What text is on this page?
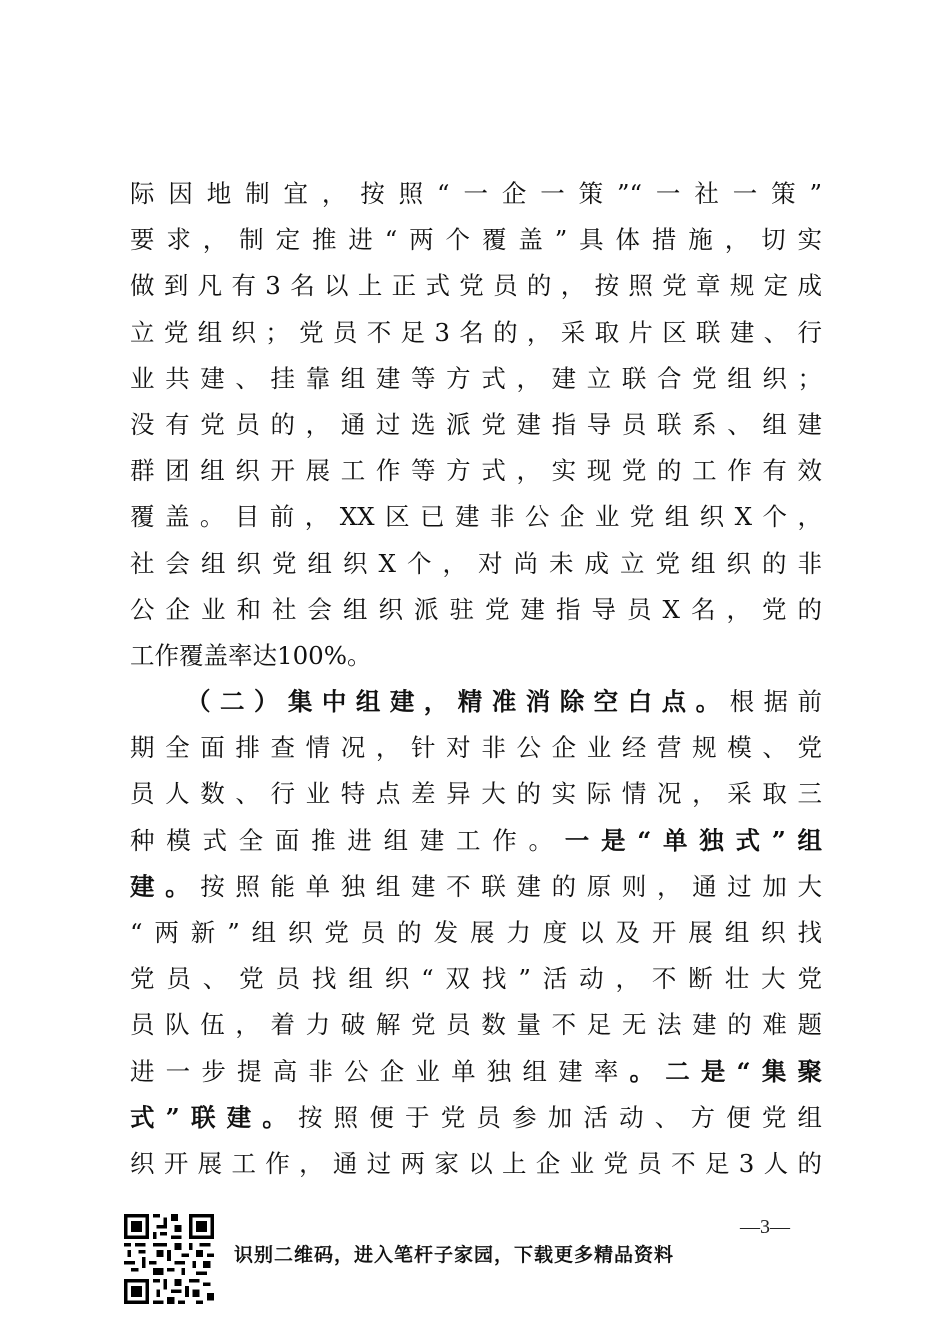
际因地制宜，按照“一企一策”“一社一策”
要求，制定推进“两个覆盖”具体措施，切实
做到凡有3名以上正式党员的，按照党章规定成
立党组织；党员不足3名的，采取片区联建、行
业共建、挂靠组建等方式，建立联合党组织；
没有党员的，通过选派党建指导员联系、组建
群团组织开展工作等方式，实现党的工作有效
覆盖。目前，XX区已建非公企业党组织X个，
社会组织党组织X个，对尚未成立党组织的非
公企业和社会组织派驻党建指导员X名，党的
工作覆盖率达100%。
（二）集中组建，精准消除空白点。根据前
期全面排查情况，针对非公企业经营规模、党
员人数、行业特点差异大的实际情况，采取三
种模式全面推进组建工作。一是“单独式”组
建。按照能单独组建不联建的原则，通过加大
“两新”组织党员的发展力度以及开展组织找
党员、党员找组织“双找”活动，不断壮大党
员队伍，着力破解党员数量不足无法建的难题
进一步提高非公企业单独组建率。二是“集聚
式”联建。按照便于党员参加活动、方便党组
织开展工作，通过两家以上企业党员不足3人的
—3—
识别二维码，进入笔杆子家园，下载更多精品资料
